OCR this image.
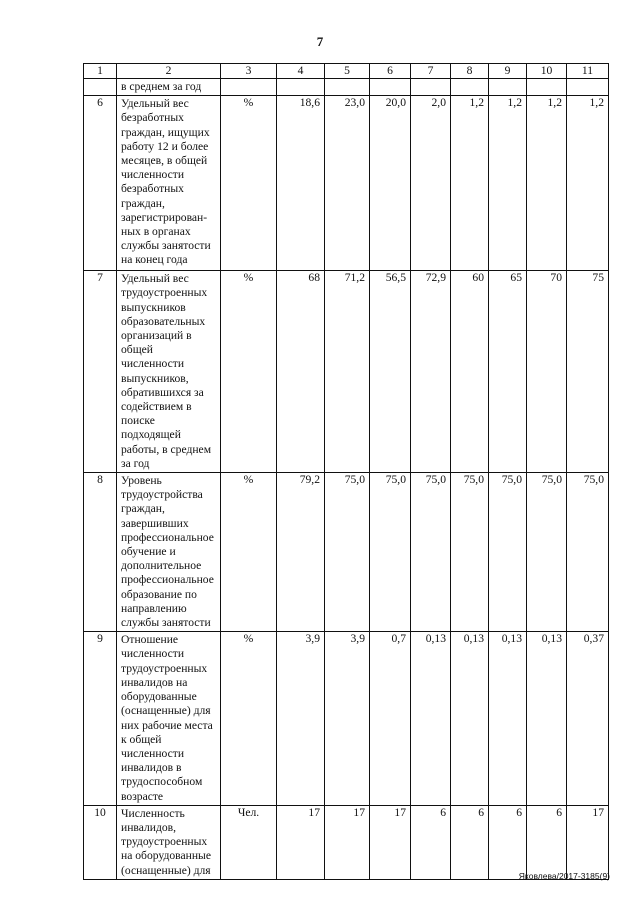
7
1	2	3	4	5	6	7	8	9	10	11
	в среднем за год									
6	Удельный вес безработных граждан, ищущих работу 12 и более месяцев, в общей численности безработных граждан, зарегистрирован-ных в органах службы занятости на конец года	%	18,6	23,0	20,0	2,0	1,2	1,2	1,2	1,2
7	Удельный вес трудоустроенных выпускников образовательных организаций в общей численности выпускников, обратившихся за содействием в поиске подходящей работы, в среднем за год	%	68	71,2	56,5	72,9	60	65	70	75
8	Уровень трудоустройства граждан, завершивших профессиональное обучение и дополнительное профессиональное образование по направлению службы занятости	%	79,2	75,0	75,0	75,0	75,0	75,0	75,0	75,0
9	Отношение численности трудоустроенных инвалидов на оборудованные (оснащенные) для них рабочие места к общей численности инвалидов в трудоспособном возрасте	%	3,9	3,9	0,7	0,13	0,13	0,13	0,13	0,37
10	Численность инвалидов, трудоустроенных на оборудованные (оснащенные) для	Чел.	17	17	17	6	6	6	6	17
Яковлева/2017-3185(9)
